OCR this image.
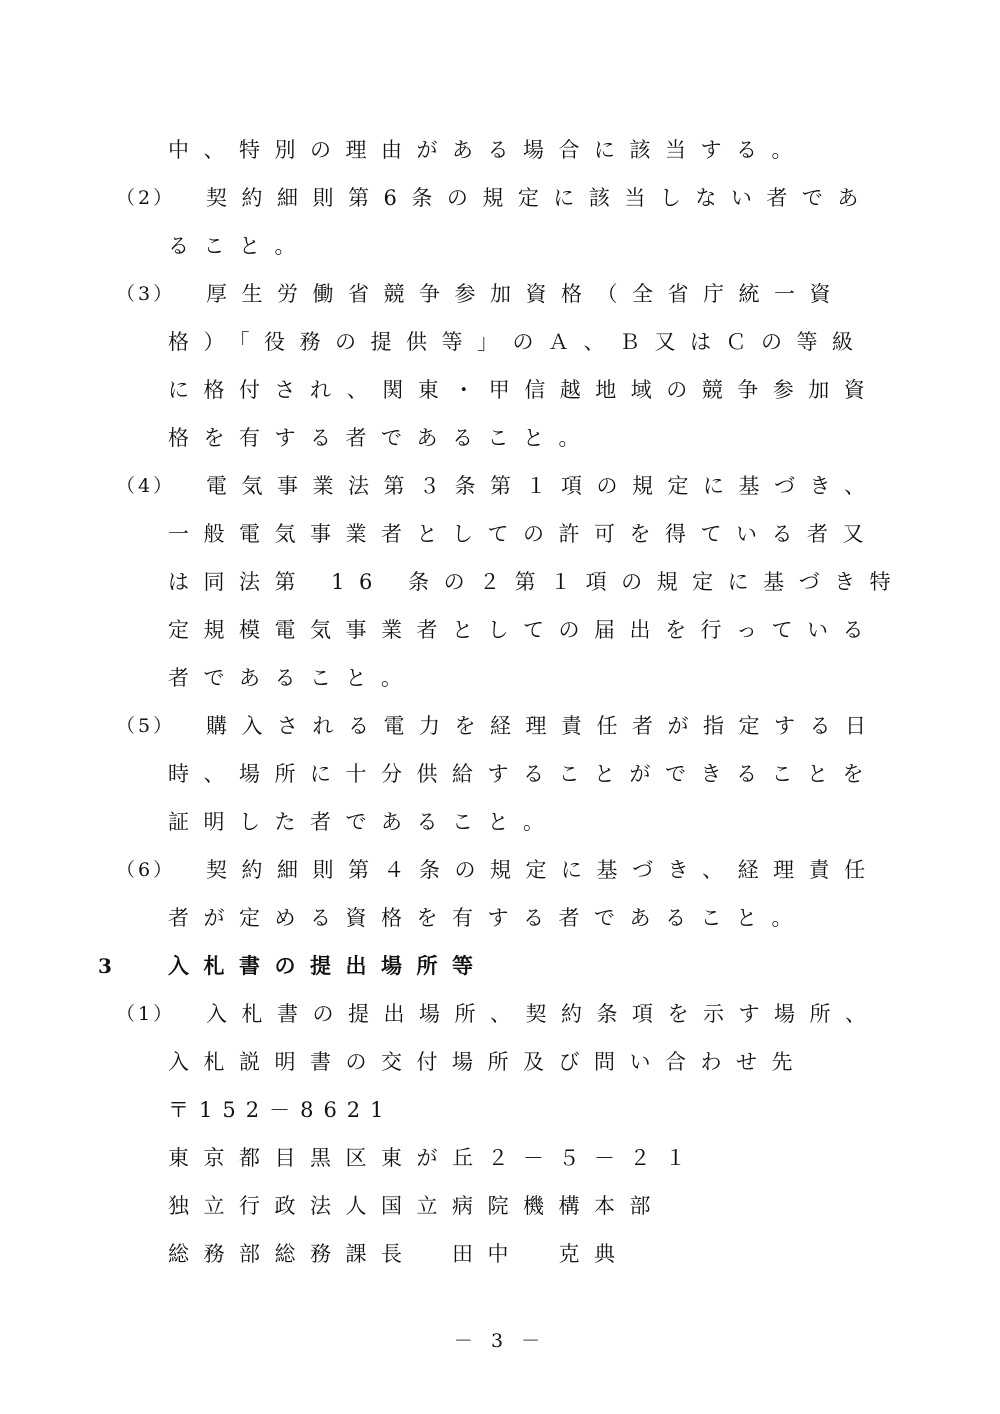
中、特別の理由がある場合に該当する。
（2） 契約細則第6条の規定に該当しない者であ
ること。
（3） 厚生労働省競争参加資格（全省庁統一資
格）「役務の提供等」のＡ、Ｂ又はＣの等級
に格付され、関東・甲信越地域の競争参加資
格を有する者であること。
（4） 電気事業法第３条第１項の規定に基づき、
一般電気事業者としての許可を得ている者又
は同法第 16 条の２第１項の規定に基づき特
定規模電気事業者としての届出を行っている
者であること。
（5） 購入される電力を経理責任者が指定する日
時、場所に十分供給することができることを
証明した者であること。
（6） 契約細則第４条の規定に基づき、経理責任
者が定める資格を有する者であること。
3	入札書の提出場所等
（1） 入札書の提出場所、契約条項を示す場所、
入札説明書の交付場所及び問い合わせ先
〒152－8621
東京都目黒区東が丘２－５－２１
独立行政法人国立病院機構本部
総務部総務課長　田中　克典
－ 3 －
